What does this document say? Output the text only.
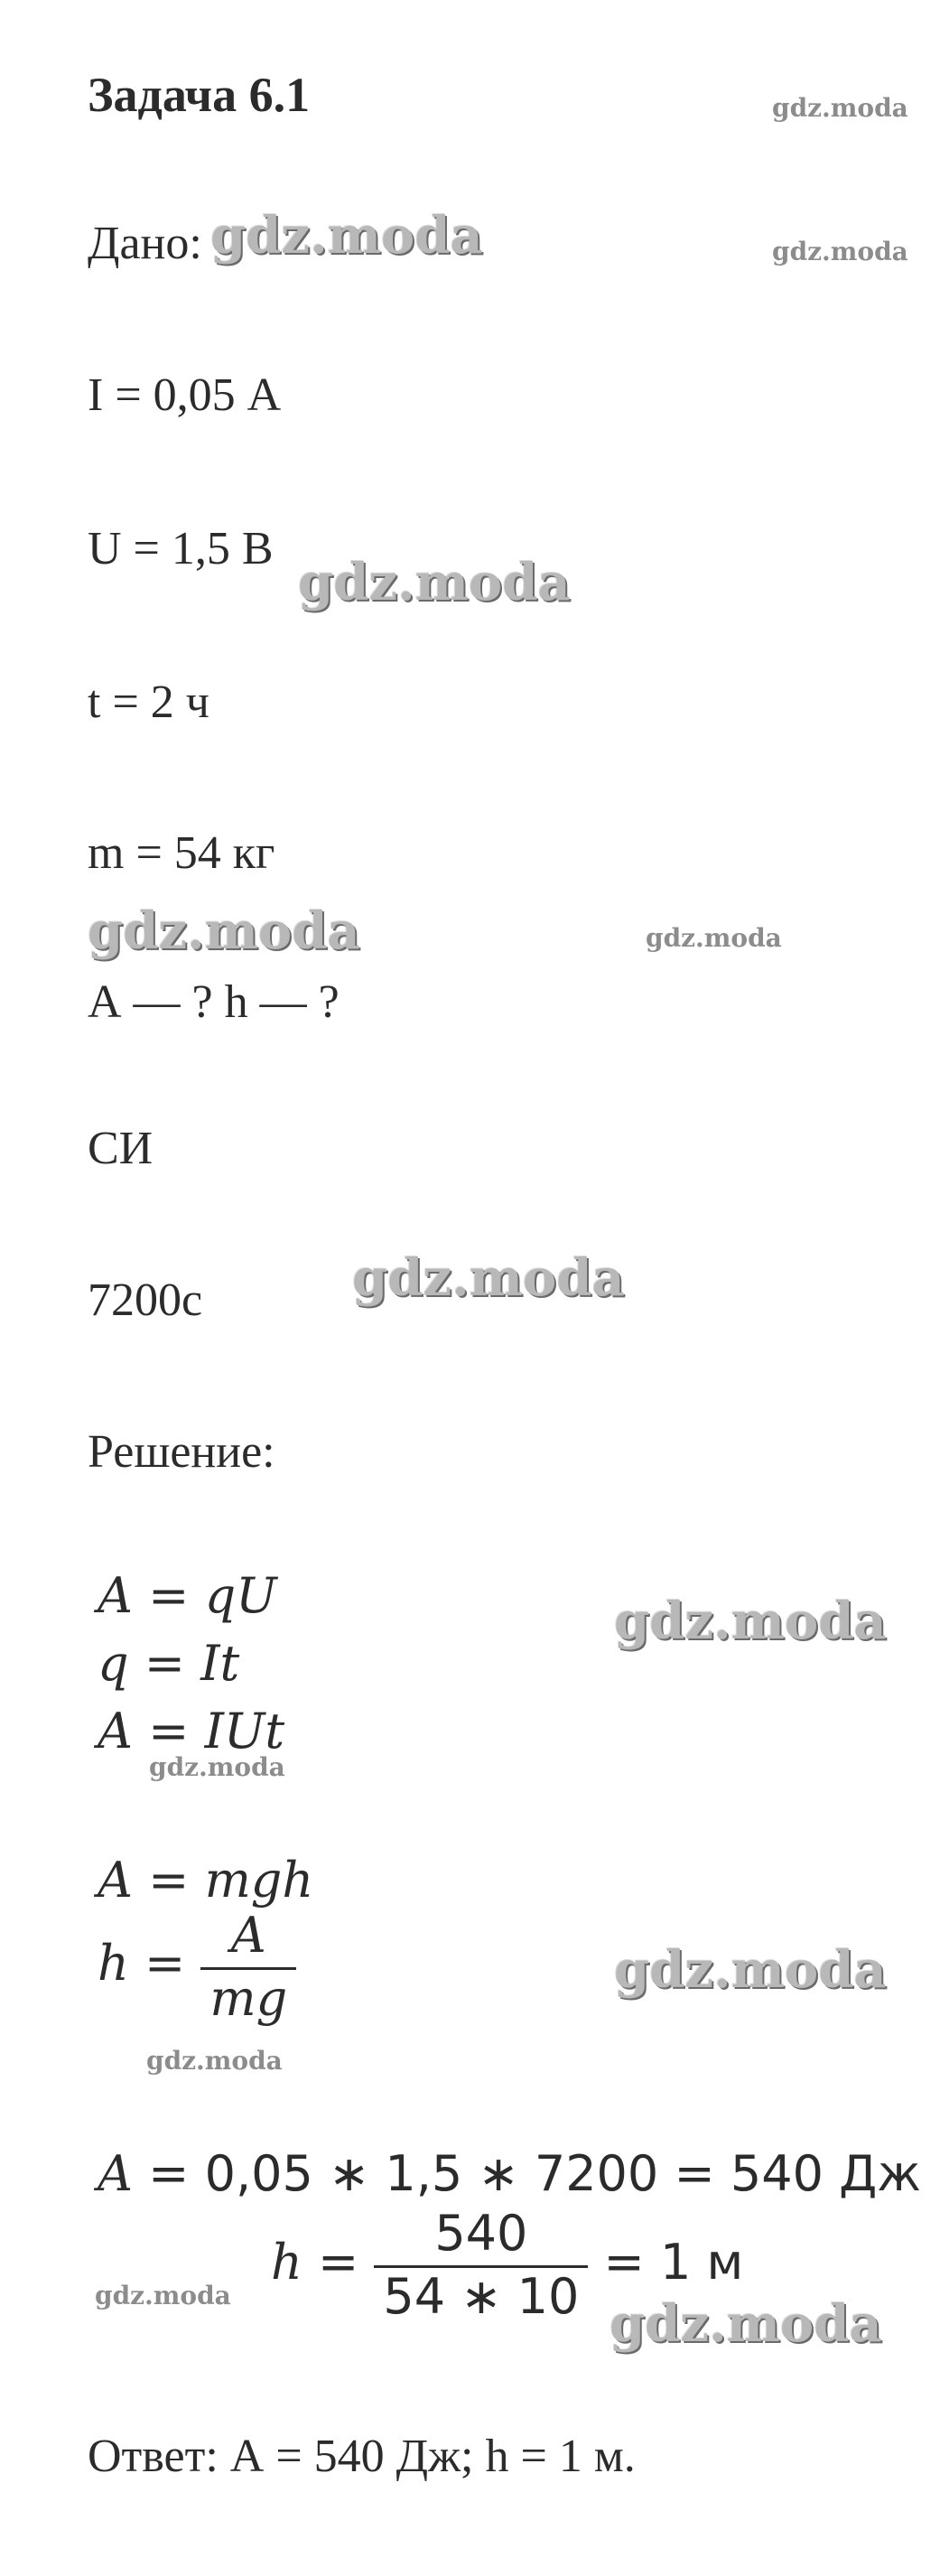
Задача 6.1
Дано:
I = 0,05 А
U = 1,5 В
t = 2 ч
m = 54 кг
А — ? h — ?
СИ
7200с
Решение:
A = qU
q = It
A = IUt
A = mgh
$h = \frac{A}{mg}$
A = 0,05 ∗ 1,5 ∗ 7200 = 540 Дж
$h = \frac{540}{54 ∗ 10} = 1$ м
Ответ: А = 540 Дж; h = 1 м.
gdz.moda
gdz.moda	gdz.moda
gdz.moda
gdz.moda	gdz.moda
gdz.moda
gdz.moda
gdz.moda
gdz.moda
gdz.moda
gdz.moda	gdz.moda
